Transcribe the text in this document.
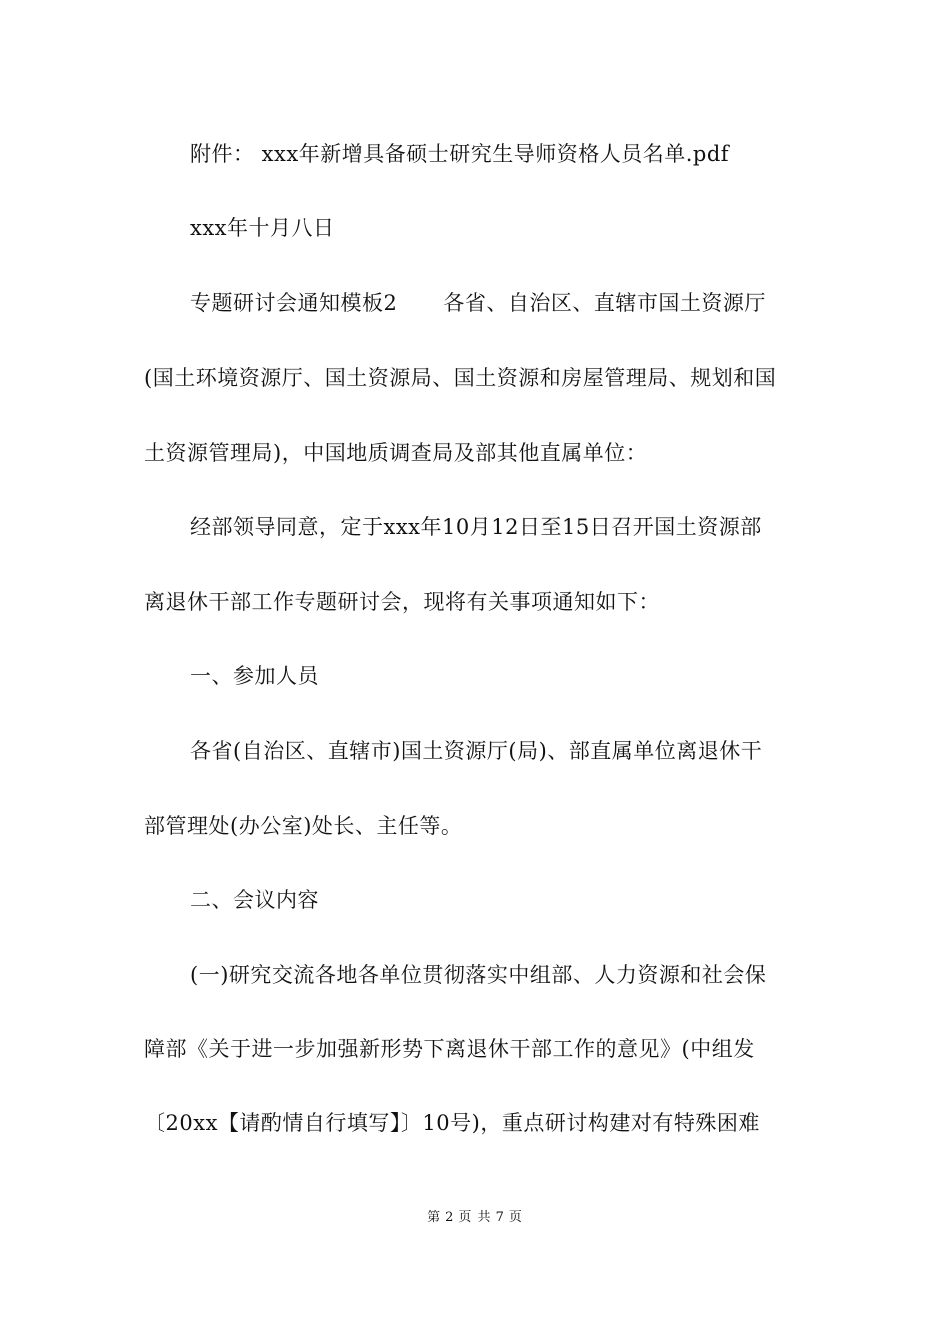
附件： xxx年新增具备硕士研究生导师资格人员名单.pdf
xxx年十月八日
专题研讨会通知模板2 各省、自治区、直辖市国土资源厅
(国土环境资源厅、国土资源局、国土资源和房屋管理局、规划和国
土资源管理局)，中国地质调查局及部其他直属单位：
经部领导同意，定于xxx年10月12日至15日召开国土资源部
离退休干部工作专题研讨会，现将有关事项通知如下：
一、参加人员
各省(自治区、直辖市)国土资源厅(局)、部直属单位离退休干
部管理处(办公室)处长、主任等。
二、会议内容
(一)研究交流各地各单位贯彻落实中组部、人力资源和社会保
障部《关于进一步加强新形势下离退休干部工作的意见》(中组发
〔20xx【请酌情自行填写】〕10号)，重点研讨构建对有特殊困难
第 2 页 共 7 页
